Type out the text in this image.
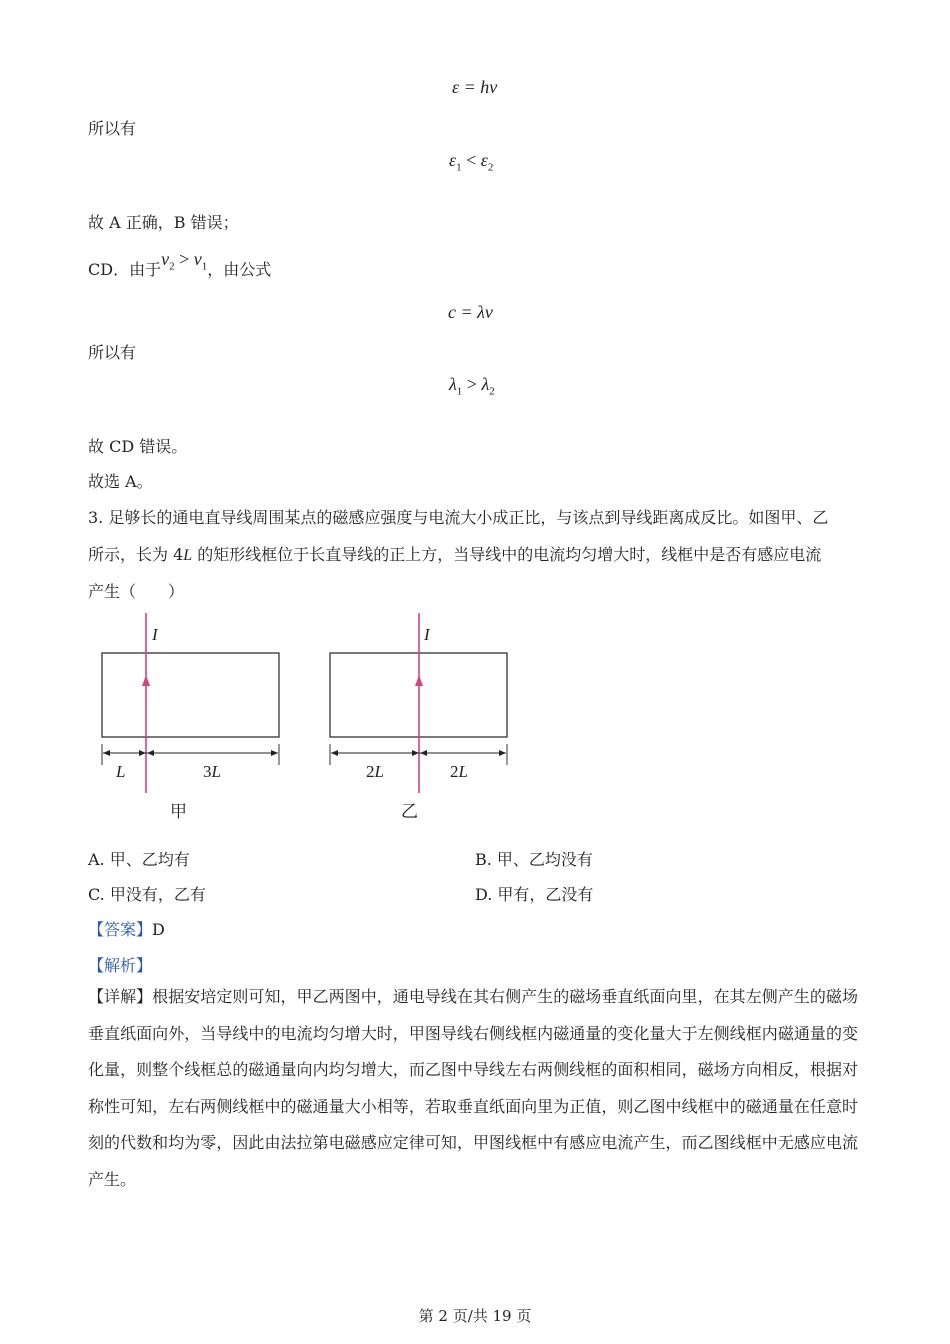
ε = hν
所以有
$\varepsilon_1 < \varepsilon_2$
故 A 正确，B 错误；
CD．由于$\nu_2 > \nu_1$，由公式
c = λν
所以有
$\lambda_1 > \lambda_2$
故 CD 错误。
故选 A。
3. 足够长的通电直导线周围某点的磁感应强度与电流大小成正比，与该点到导线距离成反比。如图甲、乙
所示，长为 4L 的矩形线框位于长直导线的正上方，当导线中的电流均匀增大时，线框中是否有感应电流
产生（　　）
I	I
L	3L	2L	2L
甲	乙
A. 甲、乙均有	B. 甲、乙均没有
C. 甲没有，乙有	D. 甲有，乙没有
【答案】D
【解析】
【详解】根据安培定则可知，甲乙两图中，通电导线在其右侧产生的磁场垂直纸面向里，在其左侧产生的磁场垂直纸面向外，当导线中的电流均匀增大时，甲图导线右侧线框内磁通量的变化量大于左侧线框内磁通量的变化量，则整个线框总的磁通量向内均匀增大，而乙图中导线左右两侧线框的面积相同，磁场方向相反，根据对称性可知，左右两侧线框中的磁通量大小相等，若取垂直纸面向里为正值，则乙图中线框中的磁通量在任意时刻的代数和均为零，因此由法拉第电磁感应定律可知，甲图线框中有感应电流产生，而乙图线框中无感应电流产生。
第 2 页/共 19 页
